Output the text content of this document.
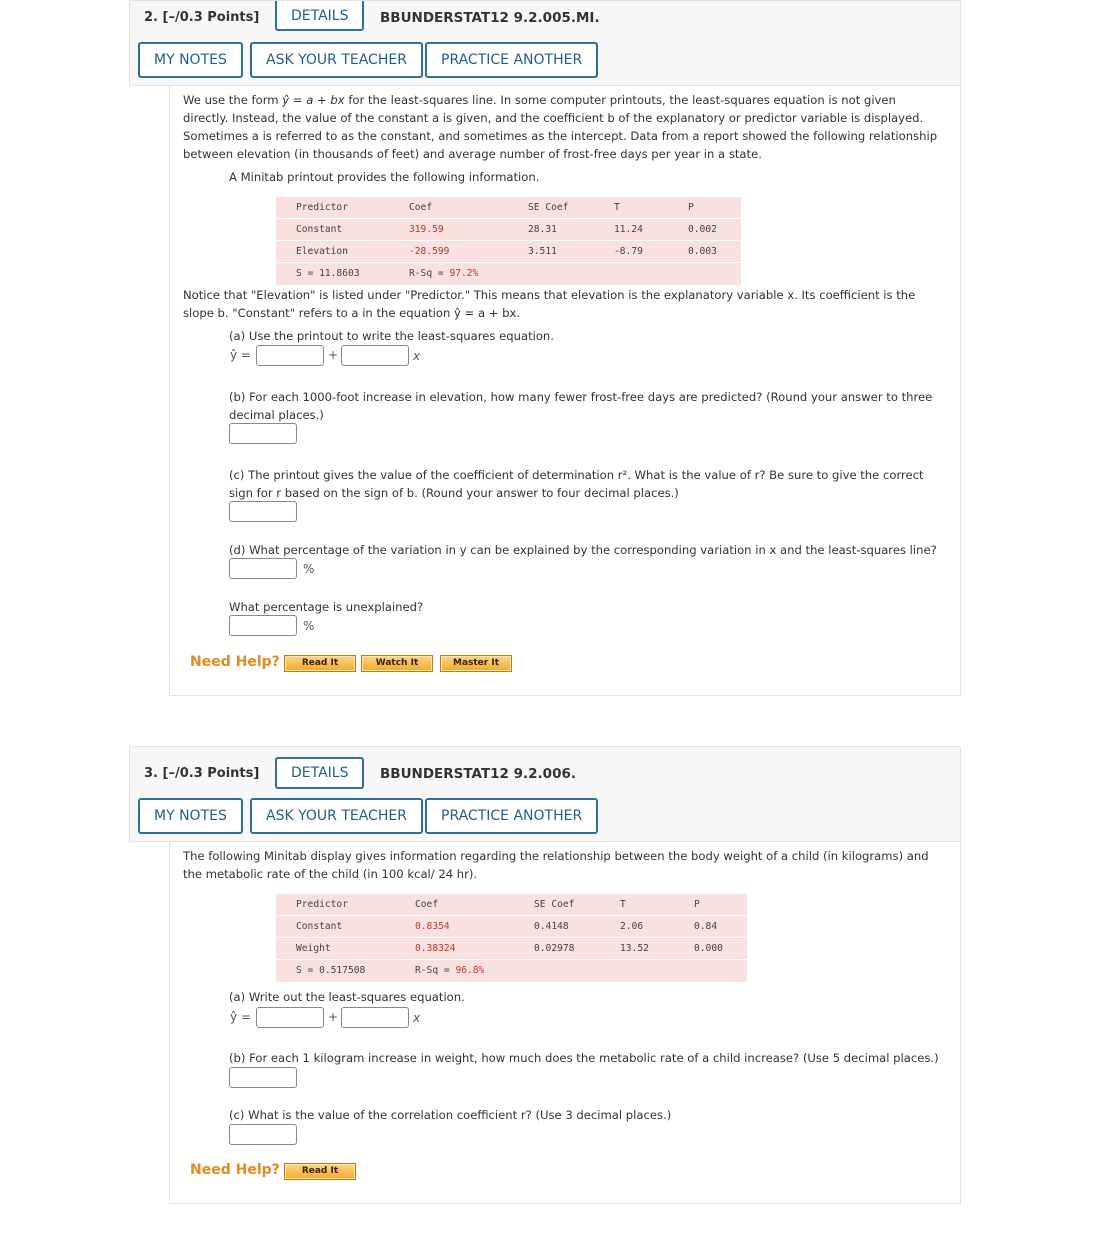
2. [–/0.3 Points]	DETAILS	BBUNDERSTAT12 9.2.005.MI.
MY NOTES	ASK YOUR TEACHER	PRACTICE ANOTHER
We use the form ŷ = a + bx for the least-squares line. In some computer printouts, the least-squares equation is not given
directly. Instead, the value of the constant a is given, and the coefficient b of the explanatory or predictor variable is displayed.
Sometimes a is referred to as the constant, and sometimes as the intercept. Data from a report showed the following relationship
between elevation (in thousands of feet) and average number of frost-free days per year in a state.
A Minitab printout provides the following information.
Predictor	Coef	SE Coef	T	P
Constant	319.59	28.31	11.24	0.002
Elevation	-28.599	3.511	-8.79	0.003
S = 11.8603	R-Sq = 97.2%
Notice that "Elevation" is listed under "Predictor." This means that elevation is the explanatory variable x. Its coefficient is the
slope b. "Constant" refers to a in the equation ŷ = a + bx.
(a) Use the printout to write the least-squares equation.
ŷ =	+	x
(b) For each 1000-foot increase in elevation, how many fewer frost-free days are predicted? (Round your answer to three
decimal places.)
(c) The printout gives the value of the coefficient of determination r². What is the value of r? Be sure to give the correct
sign for r based on the sign of b. (Round your answer to four decimal places.)
(d) What percentage of the variation in y can be explained by the corresponding variation in x and the least-squares line?
%
What percentage is unexplained?
%
Need Help?	Read It	Watch It	Master It
3. [–/0.3 Points]	DETAILS	BBUNDERSTAT12 9.2.006.
MY NOTES	ASK YOUR TEACHER	PRACTICE ANOTHER
The following Minitab display gives information regarding the relationship between the body weight of a child (in kilograms) and
the metabolic rate of the child (in 100 kcal/ 24 hr).
Predictor	Coef	SE Coef	T	P
Constant	0.8354	0.4148	2.06	0.84
Weight	0.38324	0.02978	13.52	0.000
S = 0.517508	R-Sq = 96.8%
(a) Write out the least-squares equation.
ŷ =	+	x
(b) For each 1 kilogram increase in weight, how much does the metabolic rate of a child increase? (Use 5 decimal places.)
(c) What is the value of the correlation coefficient r? (Use 3 decimal places.)
Need Help?	Read It
